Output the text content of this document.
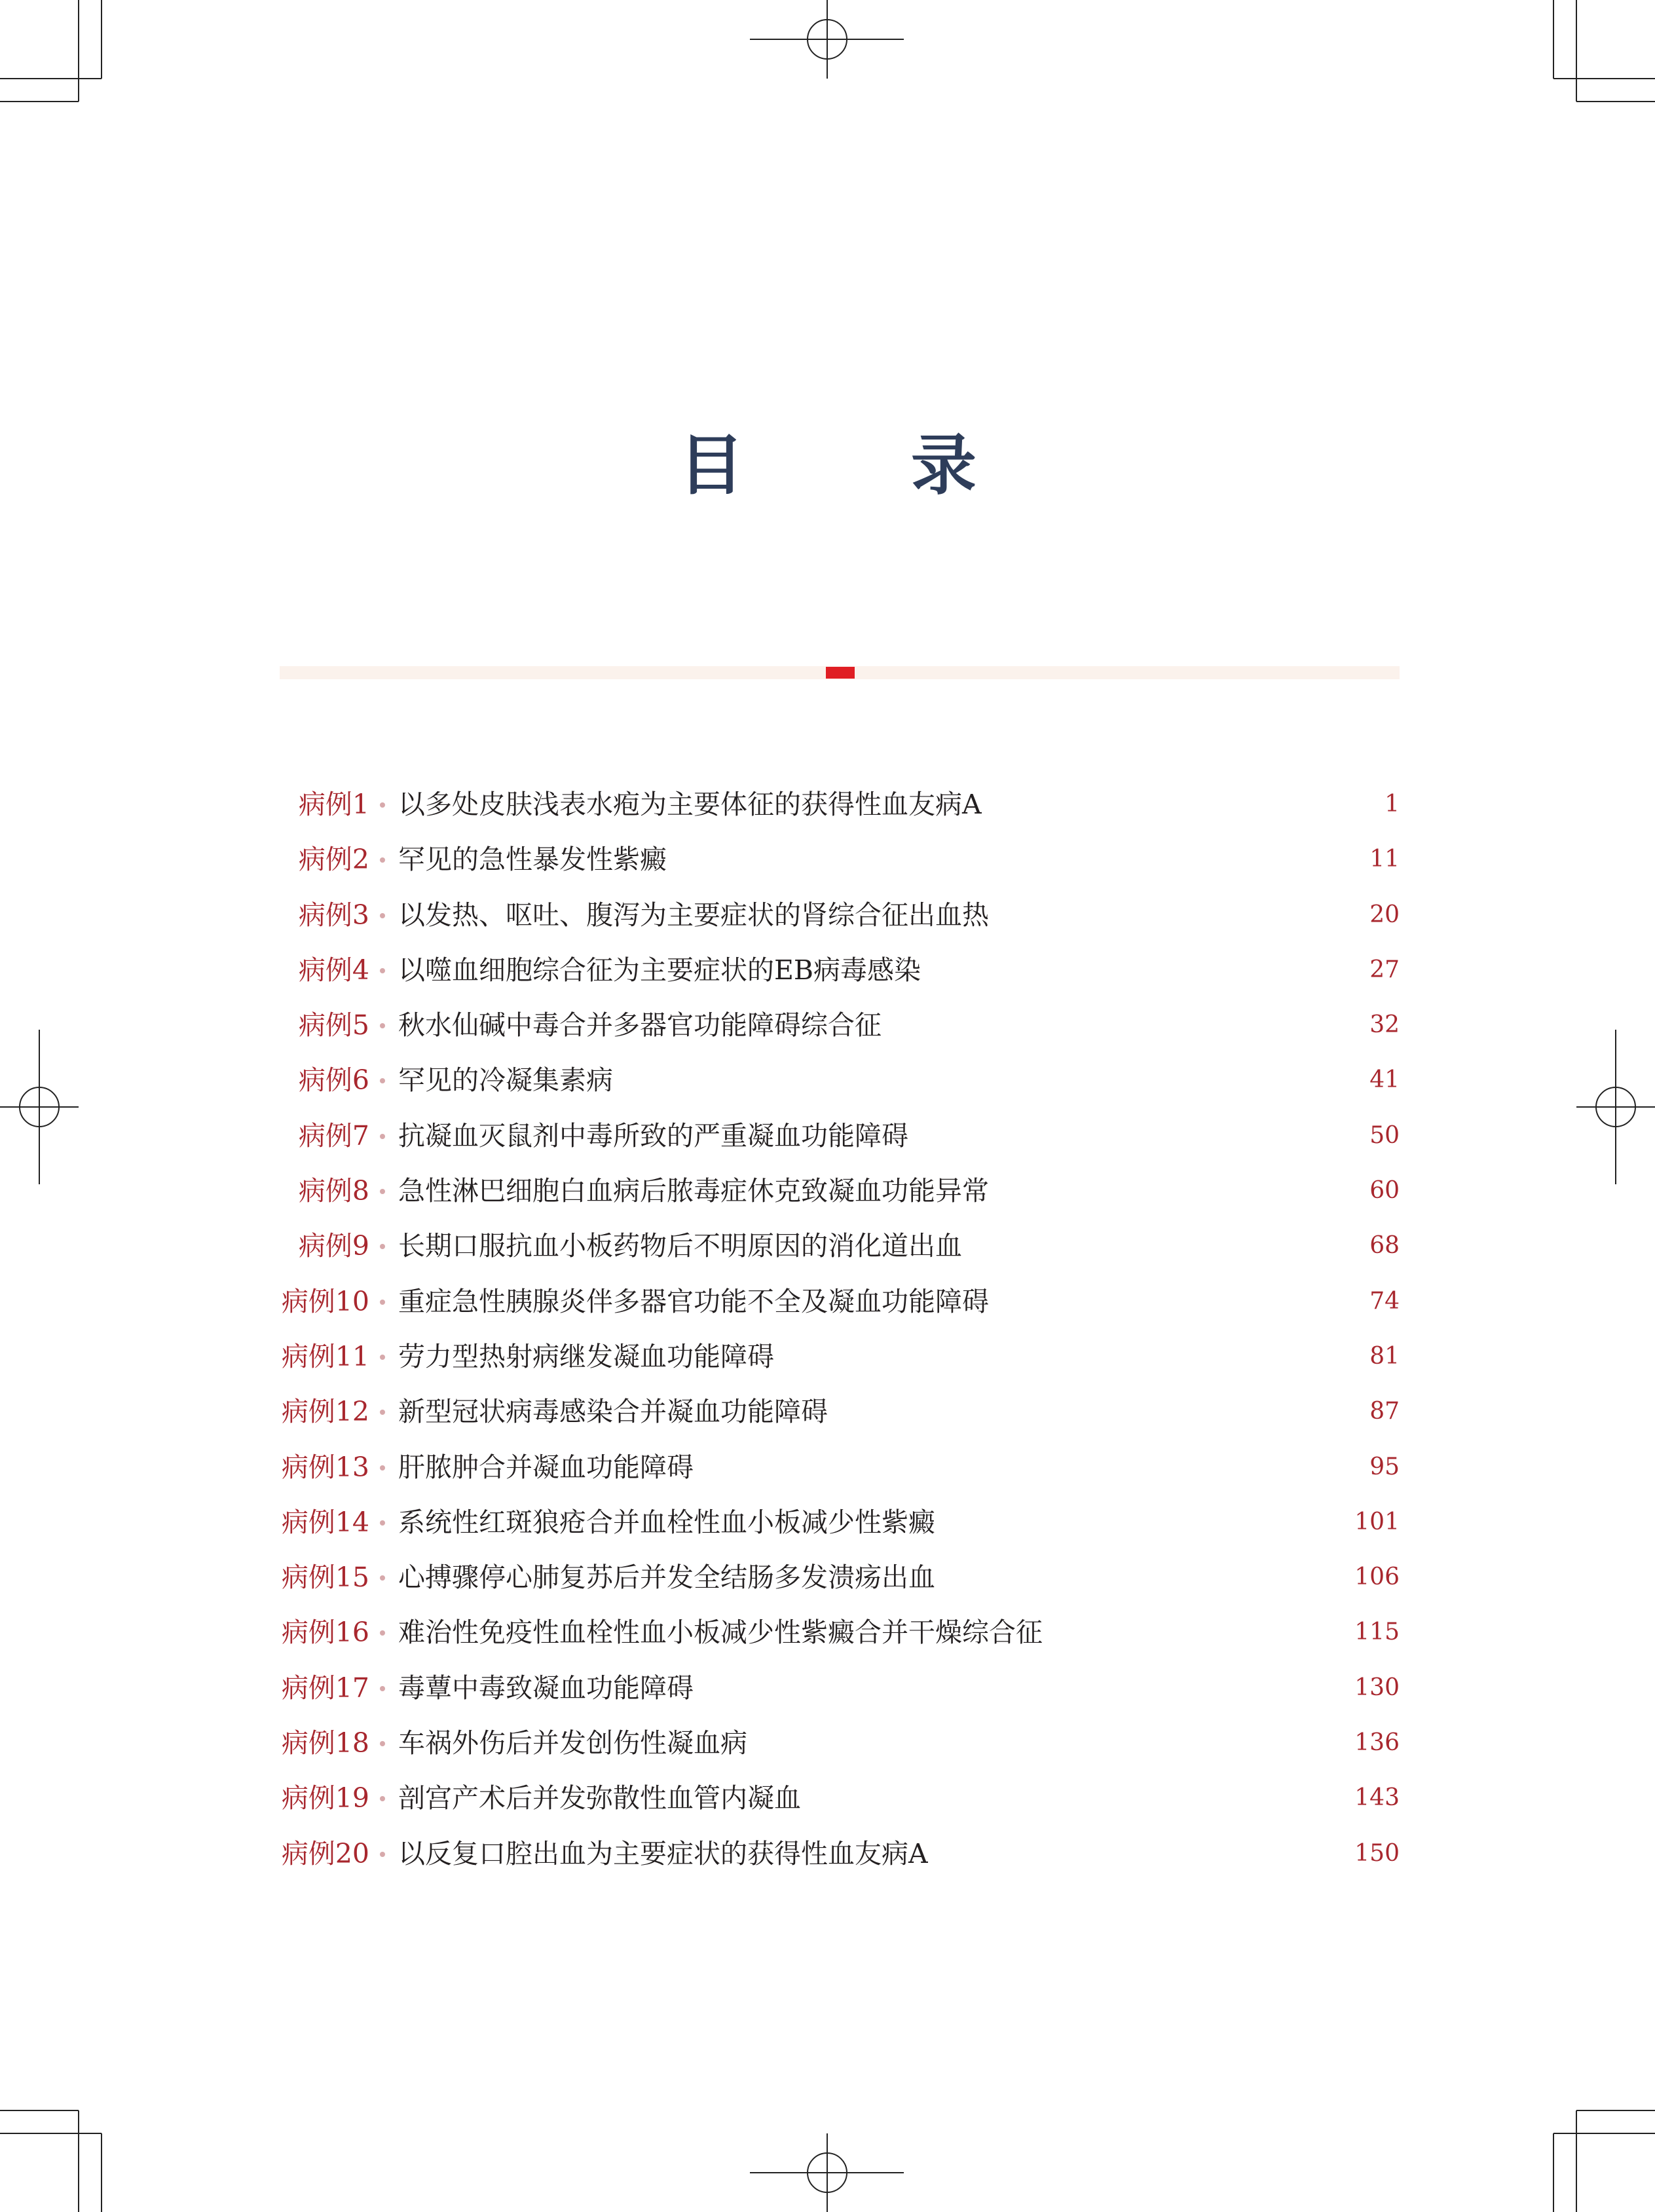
目 录
病例1 以多处皮肤浅表水疱为主要体征的获得性血友病A	1
病例2 罕见的急性暴发性紫癜	11
病例3 以发热、呕吐、腹泻为主要症状的肾综合征出血热	20
病例4 以噬血细胞综合征为主要症状的EB病毒感染	27
病例5 秋水仙碱中毒合并多器官功能障碍综合征	32
病例6 罕见的冷凝集素病	41
病例7 抗凝血灭鼠剂中毒所致的严重凝血功能障碍	50
病例8 急性淋巴细胞白血病后脓毒症休克致凝血功能异常	60
病例9 长期口服抗血小板药物后不明原因的消化道出血	68
病例10 重症急性胰腺炎伴多器官功能不全及凝血功能障碍	74
病例11 劳力型热射病继发凝血功能障碍	81
病例12 新型冠状病毒感染合并凝血功能障碍	87
病例13 肝脓肿合并凝血功能障碍	95
病例14 系统性红斑狼疮合并血栓性血小板减少性紫癜	101
病例15 心搏骤停心肺复苏后并发全结肠多发溃疡出血	106
病例16 难治性免疫性血栓性血小板减少性紫癜合并干燥综合征	115
病例17 毒蕈中毒致凝血功能障碍	130
病例18 车祸外伤后并发创伤性凝血病	136
病例19 剖宫产术后并发弥散性血管内凝血	143
病例20 以反复口腔出血为主要症状的获得性血友病A	150
